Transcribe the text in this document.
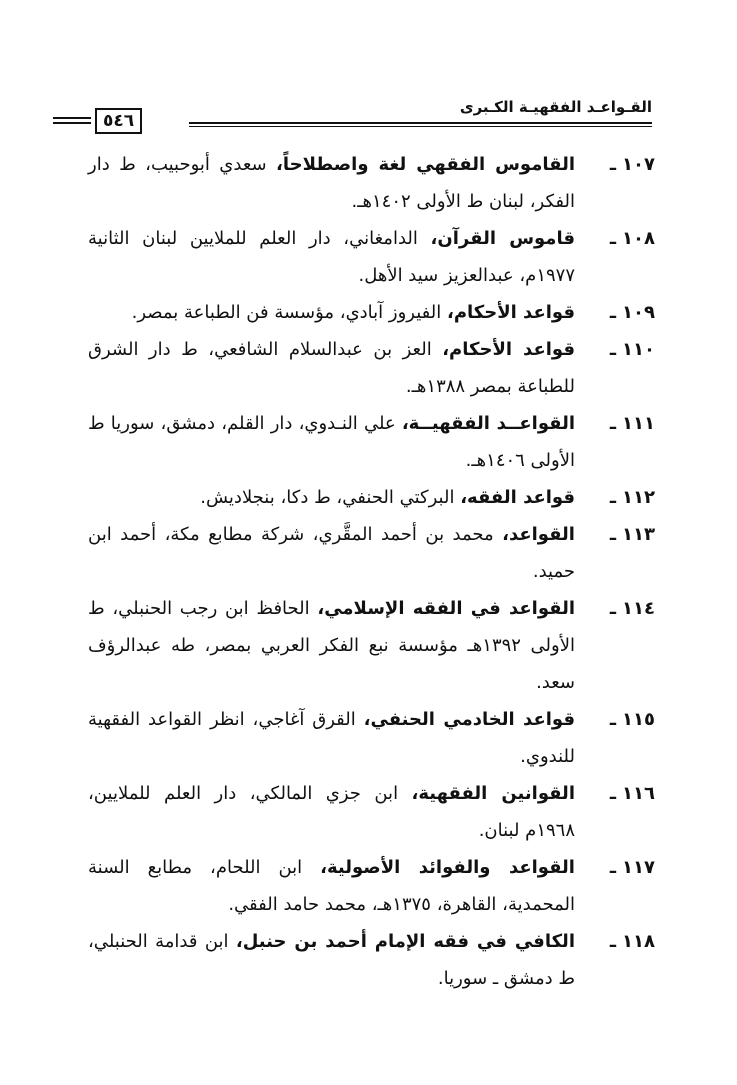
القـواعـد الفقهيـة الكـبرى
٥٤٦

١٠٧ـ
القاموس الفقهي لغة واصطلاحاً، سعدي أبوحبيب، ط دار الفكر، لبنان ط الأولى ١٤٠٢هـ.

١٠٨ـ
قاموس القرآن، الدامغاني، دار العلم للملايين لبنان الثانية ١٩٧٧م، عبدالعزيز سيد الأهل.

١٠٩ـ
قواعد الأحكام، الفيروز آبادي، مؤسسة فن الطباعة بمصر.

١١٠ـ
قواعد الأحكام، العز بن عبدالسلام الشافعي، ط دار الشرق للطباعة بمصر ١٣٨٨هـ.

١١١ـ
القواعــد الفقهيــة، علي النـدوي، دار القلم، دمشق، سوريا ط الأولى ١٤٠٦هـ.

١١٢ـ
قواعد الفقه، البركتي الحنفي، ط دكا، بنجلاديش.

١١٣ـ
القواعد، محمد بن أحمد المقَّري، شركة مطابع مكة، أحمد ابن حميد.

١١٤ـ
القواعد في الفقه الإسلامي، الحافظ ابن رجب الحنبلي، ط الأولى ١٣٩٢هـ مؤسسة نبع الفكر العربي بمصر، طه عبدالرؤف سعد.

١١٥ـ
قواعد الخادمي الحنفي، القرق آغاجي، انظر القواعد الفقهية للندوي.

١١٦ـ
القوانين الفقهية، ابن جزي المالكي، دار العلم للملايين، ١٩٦٨م لبنان.

١١٧ـ
القواعد والفوائد الأصولية، ابن اللحام، مطابع السنة المحمدية، القاهرة، ١٣٧٥هـ، محمد حامد الفقي.

١١٨ـ
الكافي في فقه الإمام أحمد بن حنبل، ابن قدامة الحنبلي، ط دمشق ـ سوريا.
